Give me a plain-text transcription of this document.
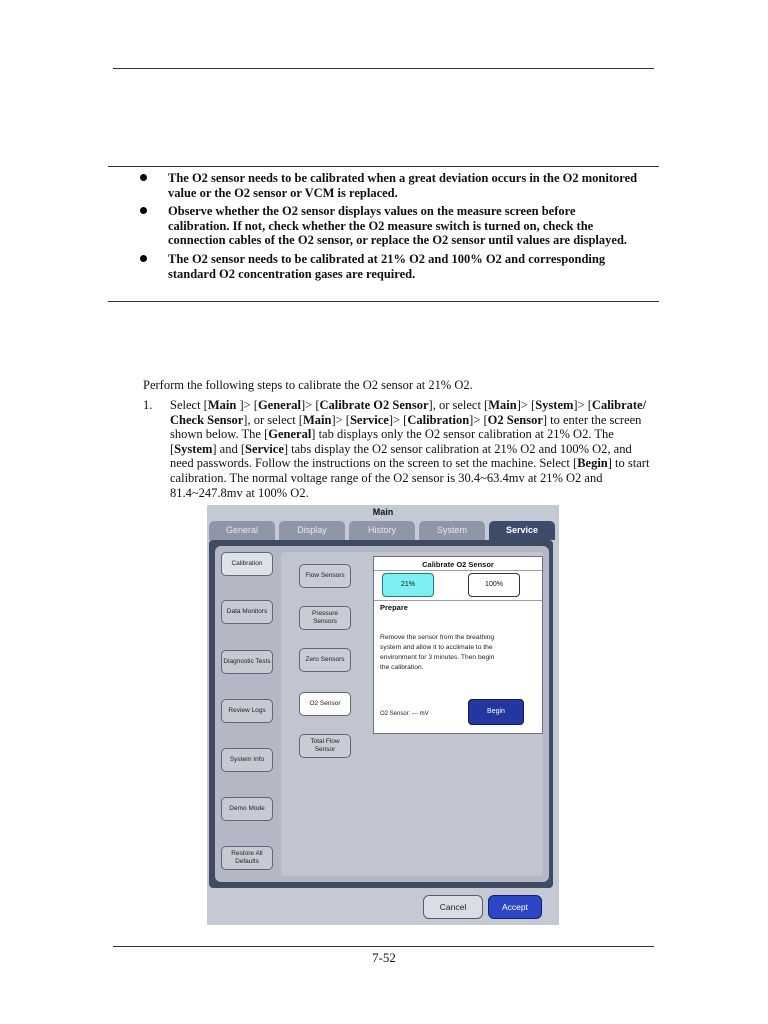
The O2 sensor needs to be calibrated when a great deviation occurs in the O2 monitored value or the O2 sensor or VCM is replaced.
Observe whether the O2 sensor displays values on the measure screen before calibration. If not, check whether the O2 measure switch is turned on, check the connection cables of the O2 sensor, or replace the O2 sensor until values are displayed.
The O2 sensor needs to be calibrated at 21% O2 and 100% O2 and corresponding standard O2 concentration gases are required.
Perform the following steps to calibrate the O2 sensor at 21% O2.
1. Select [Main ]> [General]> [Calibrate O2 Sensor], or select [Main]> [System]> [Calibrate/ Check Sensor], or select [Main]> [Service]> [Calibration]> [O2 Sensor] to enter the screen shown below. The [General] tab displays only the O2 sensor calibration at 21% O2. The [System] and [Service] tabs display the O2 sensor calibration at 21% O2 and 100% O2, and need passwords. Follow the instructions on the screen to set the machine. Select [Begin] to start calibration. The normal voltage range of the O2 sensor is 30.4~63.4mv at 21% O2 and 81.4~247.8mv at 100% O2.
Main
General	Display	History	System	Service
Calibration
Data Monitors
Diagnostic Tests
Review Logs
System Info
Demo Mode
Restore All Defaults
Flow Sensors
Pressure Sensors
Zero Sensors
O2 Sensor
Total Flow Sensor
Calibrate O2 Sensor
21%	100%
Prepare
Remove the sensor from the breathing system and allow it to acclimate to the environment for 3 minutes. Then begin the calibration.
O2 Sensor: --- mV	Begin
Cancel	Accept
7-52
